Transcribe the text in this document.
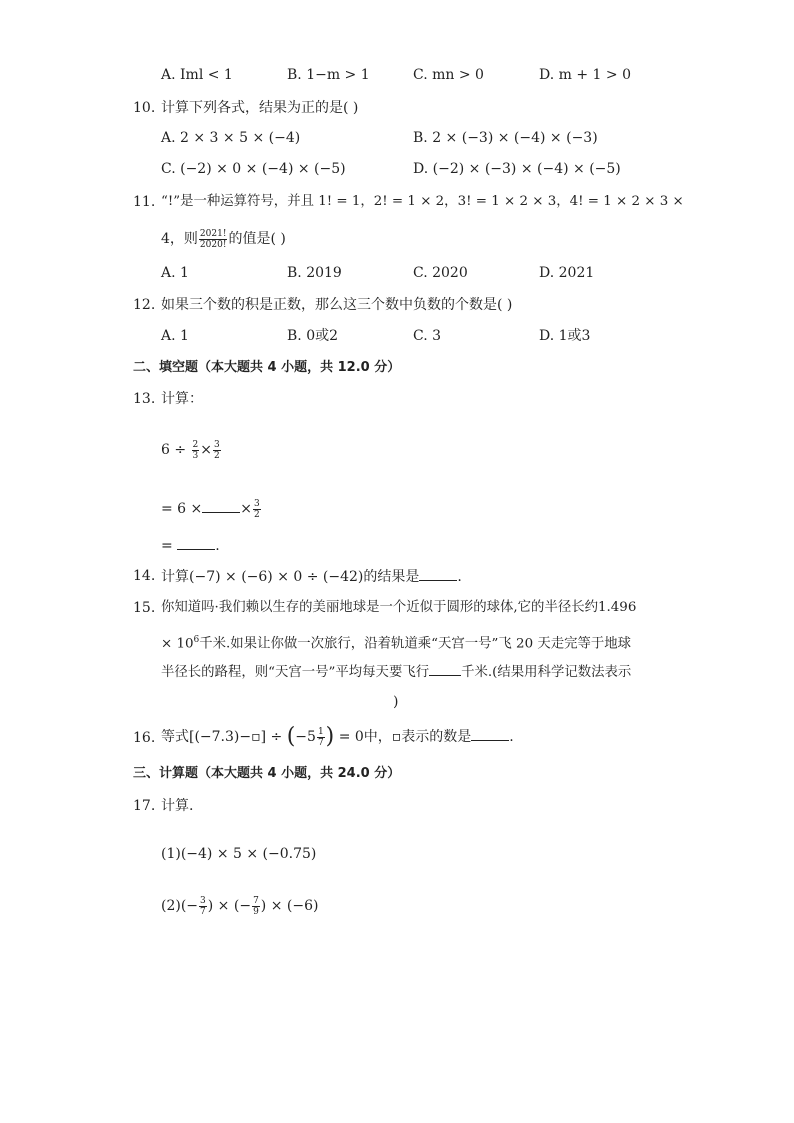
A. Iml < 1	B. 1−m > 1	C. mn > 0	D. m + 1 > 0
10. 计算下列各式，结果为正的是( )
A. 2 × 3 × 5 × (−4)	B. 2 × (−3) × (−4) × (−3)
C. (−2) × 0 × (−4) × (−5)	D. (−2) × (−3) × (−4) × (−5)
11. “!”是一种运算符号，并且 1! = 1，2! = 1 × 2，3! = 1 × 2 × 3，4! = 1 × 2 × 3 ×
4，则 $\frac{2021!}{2020!}$ 的值是( )
A. 1	B. 2019	C. 2020	D. 2021
12. 如果三个数的积是正数，那么这三个数中负数的个数是( )
A. 1	B. 0或2	C. 3	D. 1或3
二、填空题（本大题共 4 小题，共 12.0 分）
13. 计算：
$6 \div \frac{2}{3} \times \frac{3}{2}$
= 6 ×	× $\frac{3}{2}$
=	.
14. 计算(−7) × (−6) × 0 ÷ (−42)的结果是	.
15. 你知道吗·我们赖以生存的美丽地球是一个近似于圆形的球体,它的半径长约1.496
× $10^6$千米.如果让你做一次旅行，沿着轨道乘“天宫一号”飞 20 天走完等于地球
半径长的路程，则“天宫一号”平均每天要飞行 千米.(结果用科学记数法表示
)
16. 等式[(−7.3)−▫] ÷ ($-5 \frac{1}{7}$ ) = 0中，▫表示的数是	.
三、计算题（本大题共 4 小题，共 24.0 分）
17. 计算.
(1)(−4) × 5 × (−0.75)
$(2)(- \frac{3}{7}$ ) × (− $\frac{7}{9}$ ) × (−6)
